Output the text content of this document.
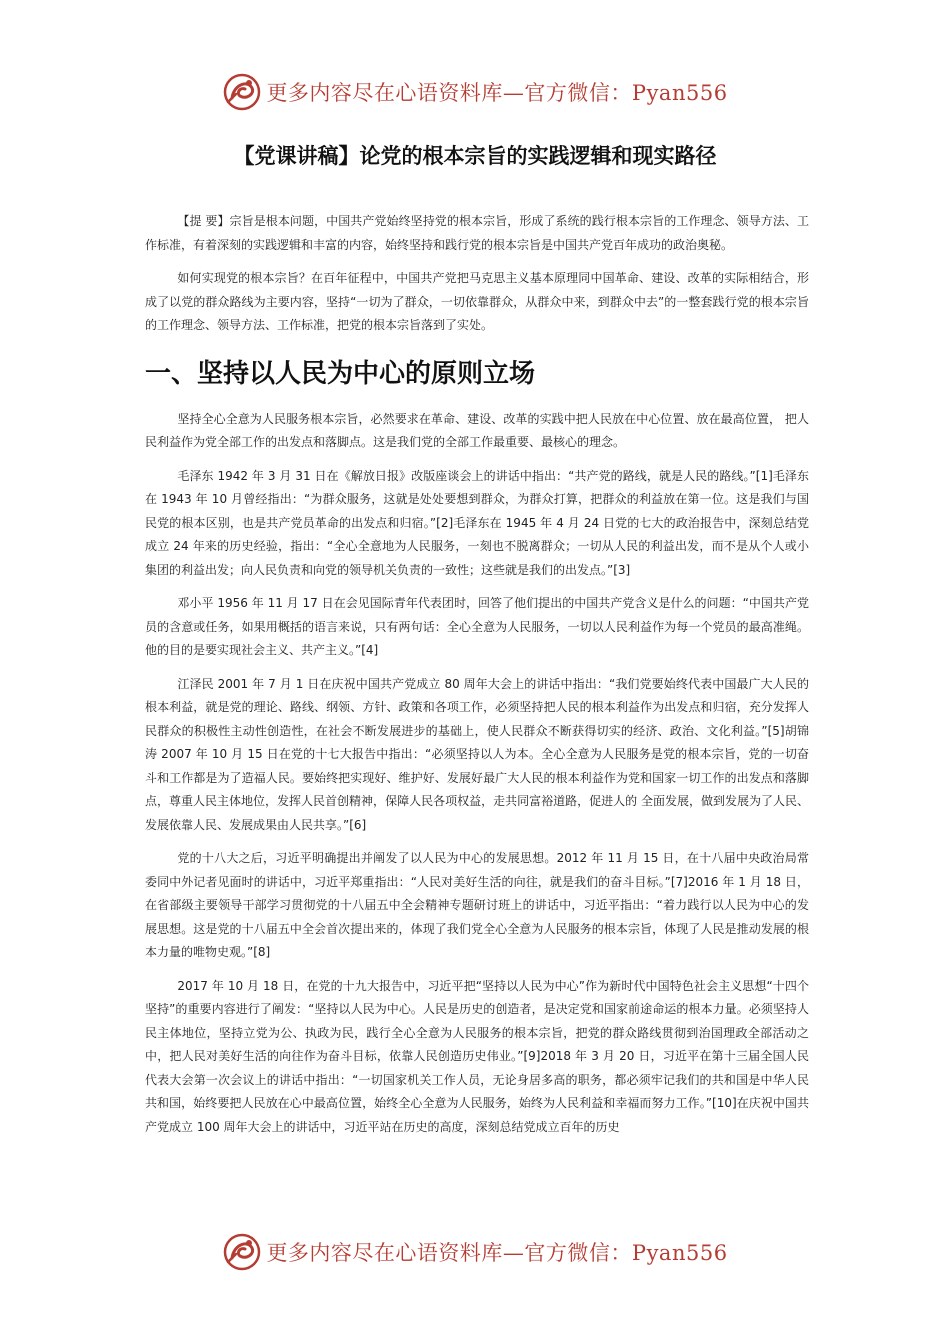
更多内容尽在心语资料库—官方微信：Pyan556
【党课讲稿】论党的根本宗旨的实践逻辑和现实路径

【提 要】宗旨是根本问题，中国共产党始终坚持党的根本宗旨，形成了系统的践行根本宗旨的工作理念、领导方法、工作标准，有着深刻的实践逻辑和丰富的内容，始终坚持和践行党的根本宗旨是中国共产党百年成功的政治奥秘。

如何实现党的根本宗旨？在百年征程中，中国共产党把马克思主义基本原理同中国革命、建设、改革的实际相结合，形成了以党的群众路线为主要内容，坚持“一切为了群众，一切依靠群众，从群众中来，到群众中去”的一整套践行党的根本宗旨的工作理念、领导方法、工作标准，把党的根本宗旨落到了实处。

一、坚持以人民为中心的原则立场

坚持全心全意为人民服务根本宗旨，必然要求在革命、建设、改革的实践中把人民放在中心位置、放在最高位置， 把人民利益作为党全部工作的出发点和落脚点。这是我们党的全部工作最重要、最核心的理念。

毛泽东 1942 年 3 月 31 日在《解放日报》改版座谈会上的讲话中指出：“共产党的路线，就是人民的路线。”[1]毛泽东在 1943 年 10 月曾经指出：“为群众服务，这就是处处要想到群众，为群众打算，把群众的利益放在第一位。这是我们与国民党的根本区别，也是共产党员革命的出发点和归宿。”[2]毛泽东在 1945 年 4 月 24 日党的七大的政治报告中，深刻总结党成立 24 年来的历史经验，指出：“全心全意地为人民服务，一刻也不脱离群众；一切从人民的利益出发，而不是从个人或小集团的利益出发；向人民负责和向党的领导机关负责的一致性；这些就是我们的出发点。”[3]

邓小平 1956 年 11 月 17 日在会见国际青年代表团时，回答了他们提出的中国共产党含义是什么的问题：“中国共产党员的含意或任务，如果用概括的语言来说，只有两句话：全心全意为人民服务，一切以人民利益作为每一个党员的最高准绳。他的目的是要实现社会主义、共产主义。”[4]

江泽民 2001 年 7 月 1 日在庆祝中国共产党成立 80 周年大会上的讲话中指出：“我们党要始终代表中国最广大人民的根本利益，就是党的理论、路线、纲领、方针、政策和各项工作，必须坚持把人民的根本利益作为出发点和归宿，充分发挥人民群众的积极性主动性创造性，在社会不断发展进步的基础上，使人民群众不断获得切实的经济、政治、文化利益。”[5]胡锦涛 2007 年 10 月 15 日在党的十七大报告中指出：“必须坚持以人为本。全心全意为人民服务是党的根本宗旨，党的一切奋斗和工作都是为了造福人民。要始终把实现好、维护好、发展好最广大人民的根本利益作为党和国家一切工作的出发点和落脚点，尊重人民主体地位，发挥人民首创精神，保障人民各项权益，走共同富裕道路，促进人的 全面发展，做到发展为了人民、发展依靠人民、发展成果由人民共享。”[6]

党的十八大之后，习近平明确提出并阐发了以人民为中心的发展思想。2012 年 11 月 15 日，在十八届中央政治局常委同中外记者见面时的讲话中，习近平郑重指出：“人民对美好生活的向往，就是我们的奋斗目标。”[7]2016 年 1 月 18 日，在省部级主要领导干部学习贯彻党的十八届五中全会精神专题研讨班上的讲话中，习近平指出：“着力践行以人民为中心的发展思想。这是党的十八届五中全会首次提出来的，体现了我们党全心全意为人民服务的根本宗旨，体现了人民是推动发展的根本力量的唯物史观。”[8]

2017 年 10 月 18 日，在党的十九大报告中，习近平把“坚持以人民为中心”作为新时代中国特色社会主义思想“十四个坚持”的重要内容进行了阐发：“坚持以人民为中心。人民是历史的创造者，是决定党和国家前途命运的根本力量。必须坚持人民主体地位，坚持立党为公、执政为民，践行全心全意为人民服务的根本宗旨，把党的群众路线贯彻到治国理政全部活动之中，把人民对美好生活的向往作为奋斗目标，依靠人民创造历史伟业。”[9]2018 年 3 月 20 日，习近平在第十三届全国人民代表大会第一次会议上的讲话中指出：“一切国家机关工作人员，无论身居多高的职务，都必须牢记我们的共和国是中华人民共和国，始终要把人民放在心中最高位置，始终全心全意为人民服务，始终为人民利益和幸福而努力工作。”[10]在庆祝中国共产党成立 100 周年大会上的讲话中，习近平站在历史的高度，深刻总结党成立百年的历史

更多内容尽在心语资料库—官方微信：Pyan556
